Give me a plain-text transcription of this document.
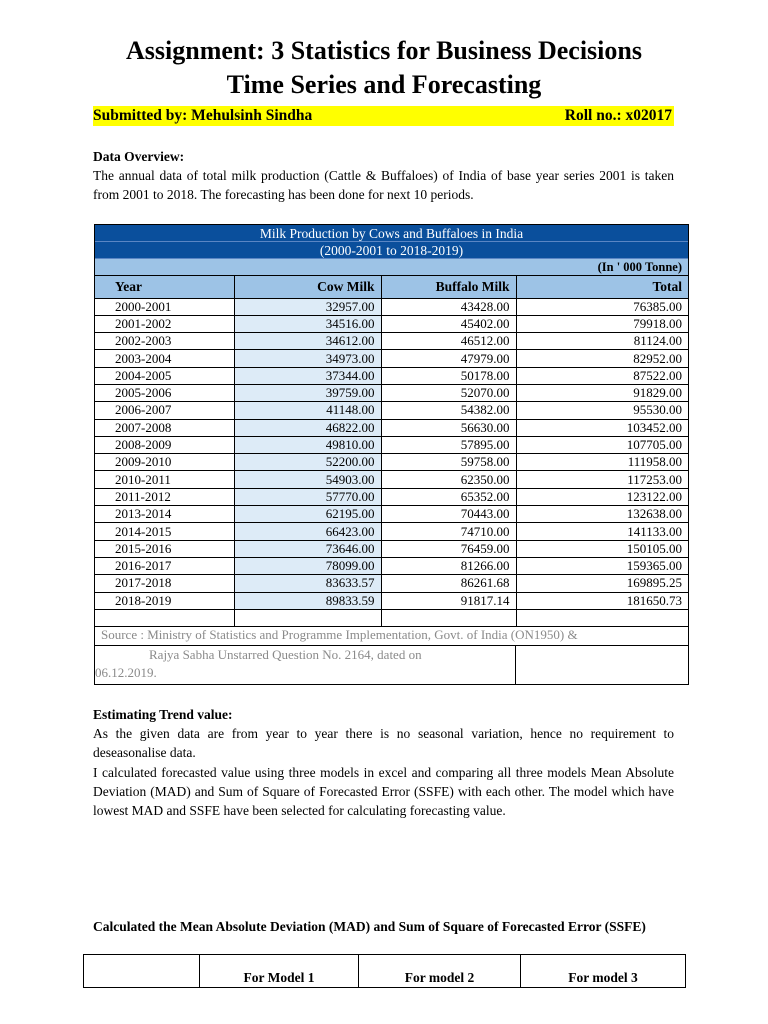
Assignment: 3 Statistics for Business Decisions
Time Series and Forecasting
Submitted by: Mehulsinh Sindha	Roll no.: x02017
Data Overview:
The annual data of total milk production (Cattle & Buffaloes) of India of base year series 2001 is taken from 2001 to 2018. The forecasting has been done for next 10 periods.
Milk Production by Cows and Buffaloes in India
(2000-2001 to 2018-2019)
(In ' 000 Tonne)
Year	Cow Milk	Buffalo Milk	Total
2000-2001	32957.00	43428.00	76385.00
2001-2002	34516.00	45402.00	79918.00
2002-2003	34612.00	46512.00	81124.00
2003-2004	34973.00	47979.00	82952.00
2004-2005	37344.00	50178.00	87522.00
2005-2006	39759.00	52070.00	91829.00
2006-2007	41148.00	54382.00	95530.00
2007-2008	46822.00	56630.00	103452.00
2008-2009	49810.00	57895.00	107705.00
2009-2010	52200.00	59758.00	111958.00
2010-2011	54903.00	62350.00	117253.00
2011-2012	57770.00	65352.00	123122.00
2013-2014	62195.00	70443.00	132638.00
2014-2015	66423.00	74710.00	141133.00
2015-2016	73646.00	76459.00	150105.00
2016-2017	78099.00	81266.00	159365.00
2017-2018	83633.57	86261.68	169895.25
2018-2019	89833.59	91817.14	181650.73

Source : Ministry of Statistics and Programme Implementation, Govt. of India (ON1950) &
Rajya Sabha Unstarred Question No. 2164, dated on
06.12.2019.
Estimating Trend value:
As the given data are from year to year there is no seasonal variation, hence no requirement to deseasonalise data.
I calculated forecasted value using three models in excel and comparing all three models Mean Absolute Deviation (MAD) and Sum of Square of Forecasted Error (SSFE) with each other. The model which have lowest MAD and SSFE have been selected for calculating forecasting value.
Calculated the Mean Absolute Deviation (MAD) and Sum of Square of Forecasted Error (SSFE)
	For Model 1	For model 2	For model 3
